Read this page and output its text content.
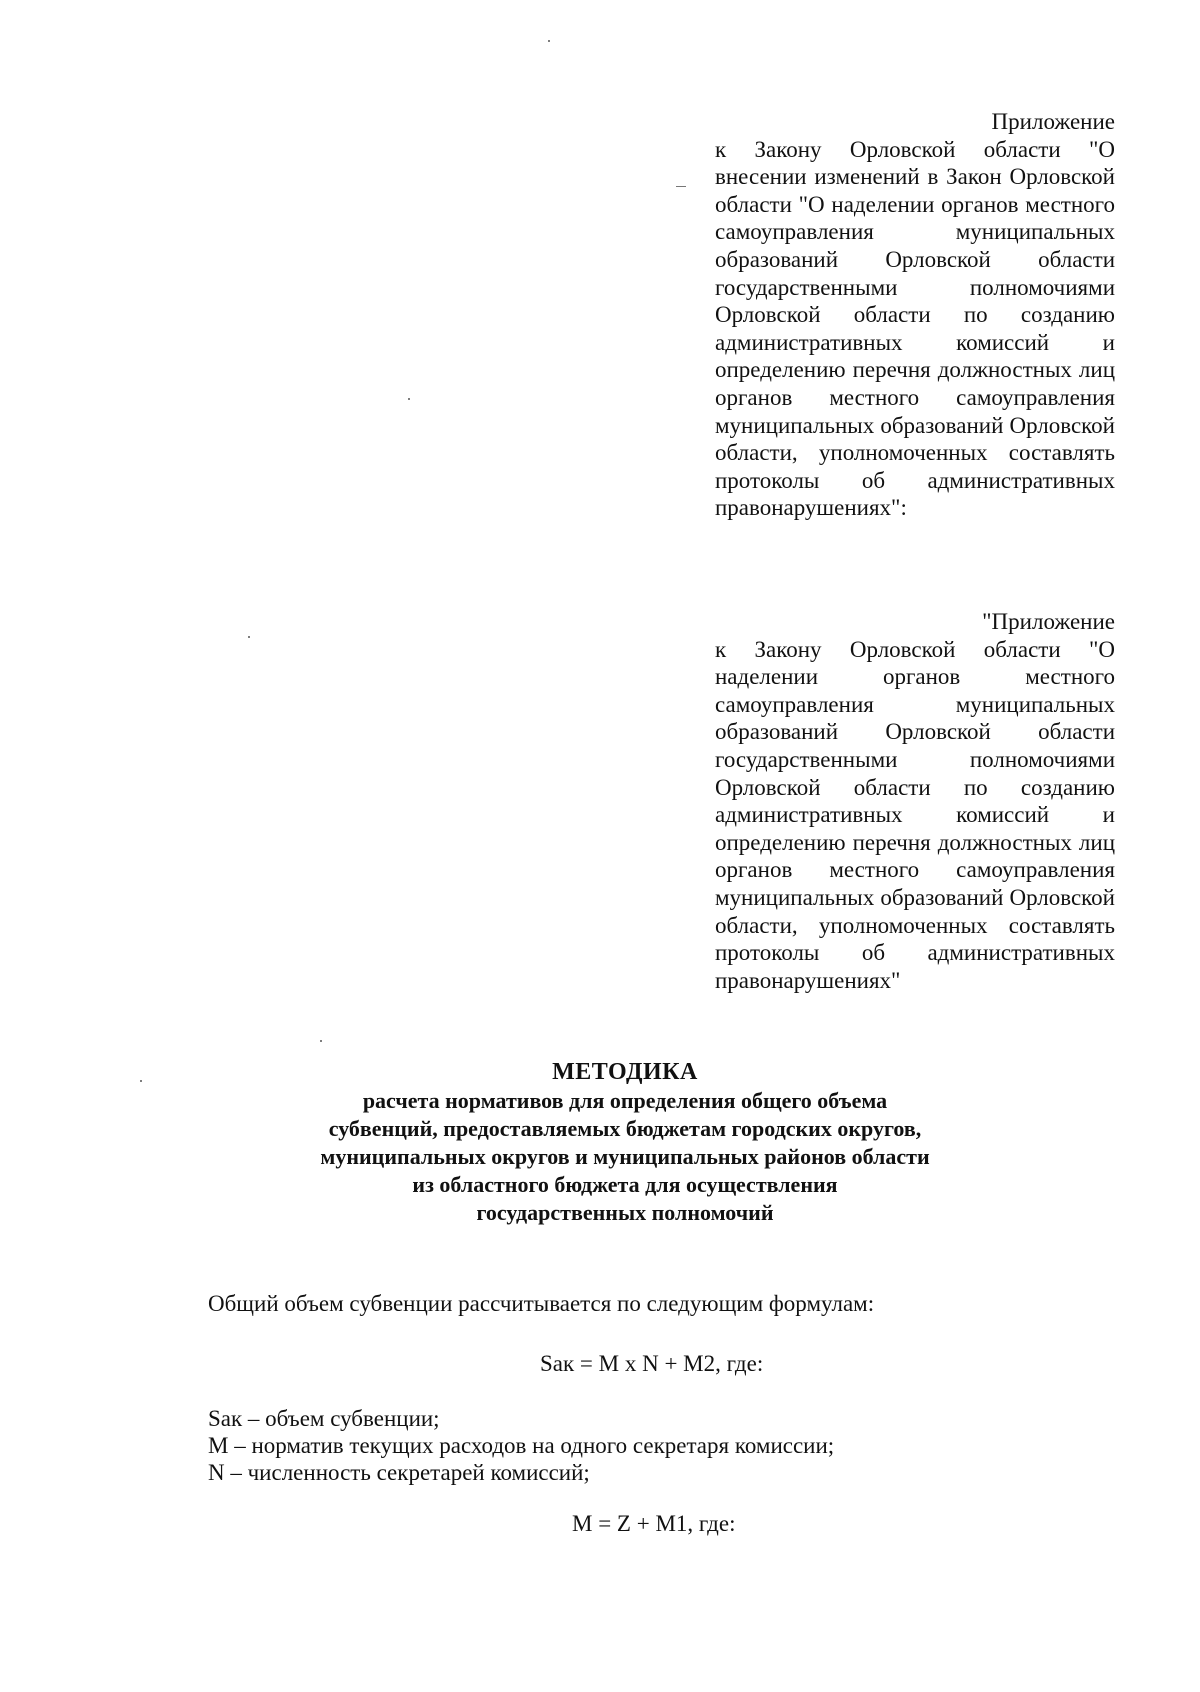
Приложение

к Закону Орловской области "О внесении изменений в Закон Орловской области "О наделении органов местного самоуправления муниципальных образований Орловской области государственными полномочиями Орловской области по созданию административных комиссий и определению перечня должностных лиц органов местного самоуправления муниципальных образований Орловской области, уполномоченных составлять протоколы об административных правонарушениях":

"Приложение

к Закону Орловской области "О наделении органов местного самоуправления муниципальных образований Орловской области государственными полномочиями Орловской области по созданию административных комиссий и определению перечня должностных лиц органов местного самоуправления муниципальных образований Орловской области, уполномоченных составлять протоколы об административных правонарушениях"

МЕТОДИКА
расчета нормативов для определения общего объема
субвенций, предоставляемых бюджетам городских округов,
муниципальных округов и муниципальных районов области
из областного бюджета для осуществления
государственных полномочий
Общий объем субвенции рассчитывается по следующим формулам:
Sак = M x N + M2, где:
Sак – объем субвенции;
M – норматив текущих расходов на одного секретаря комиссии;
N – численность секретарей комиссий;
M = Z + M1, где:
